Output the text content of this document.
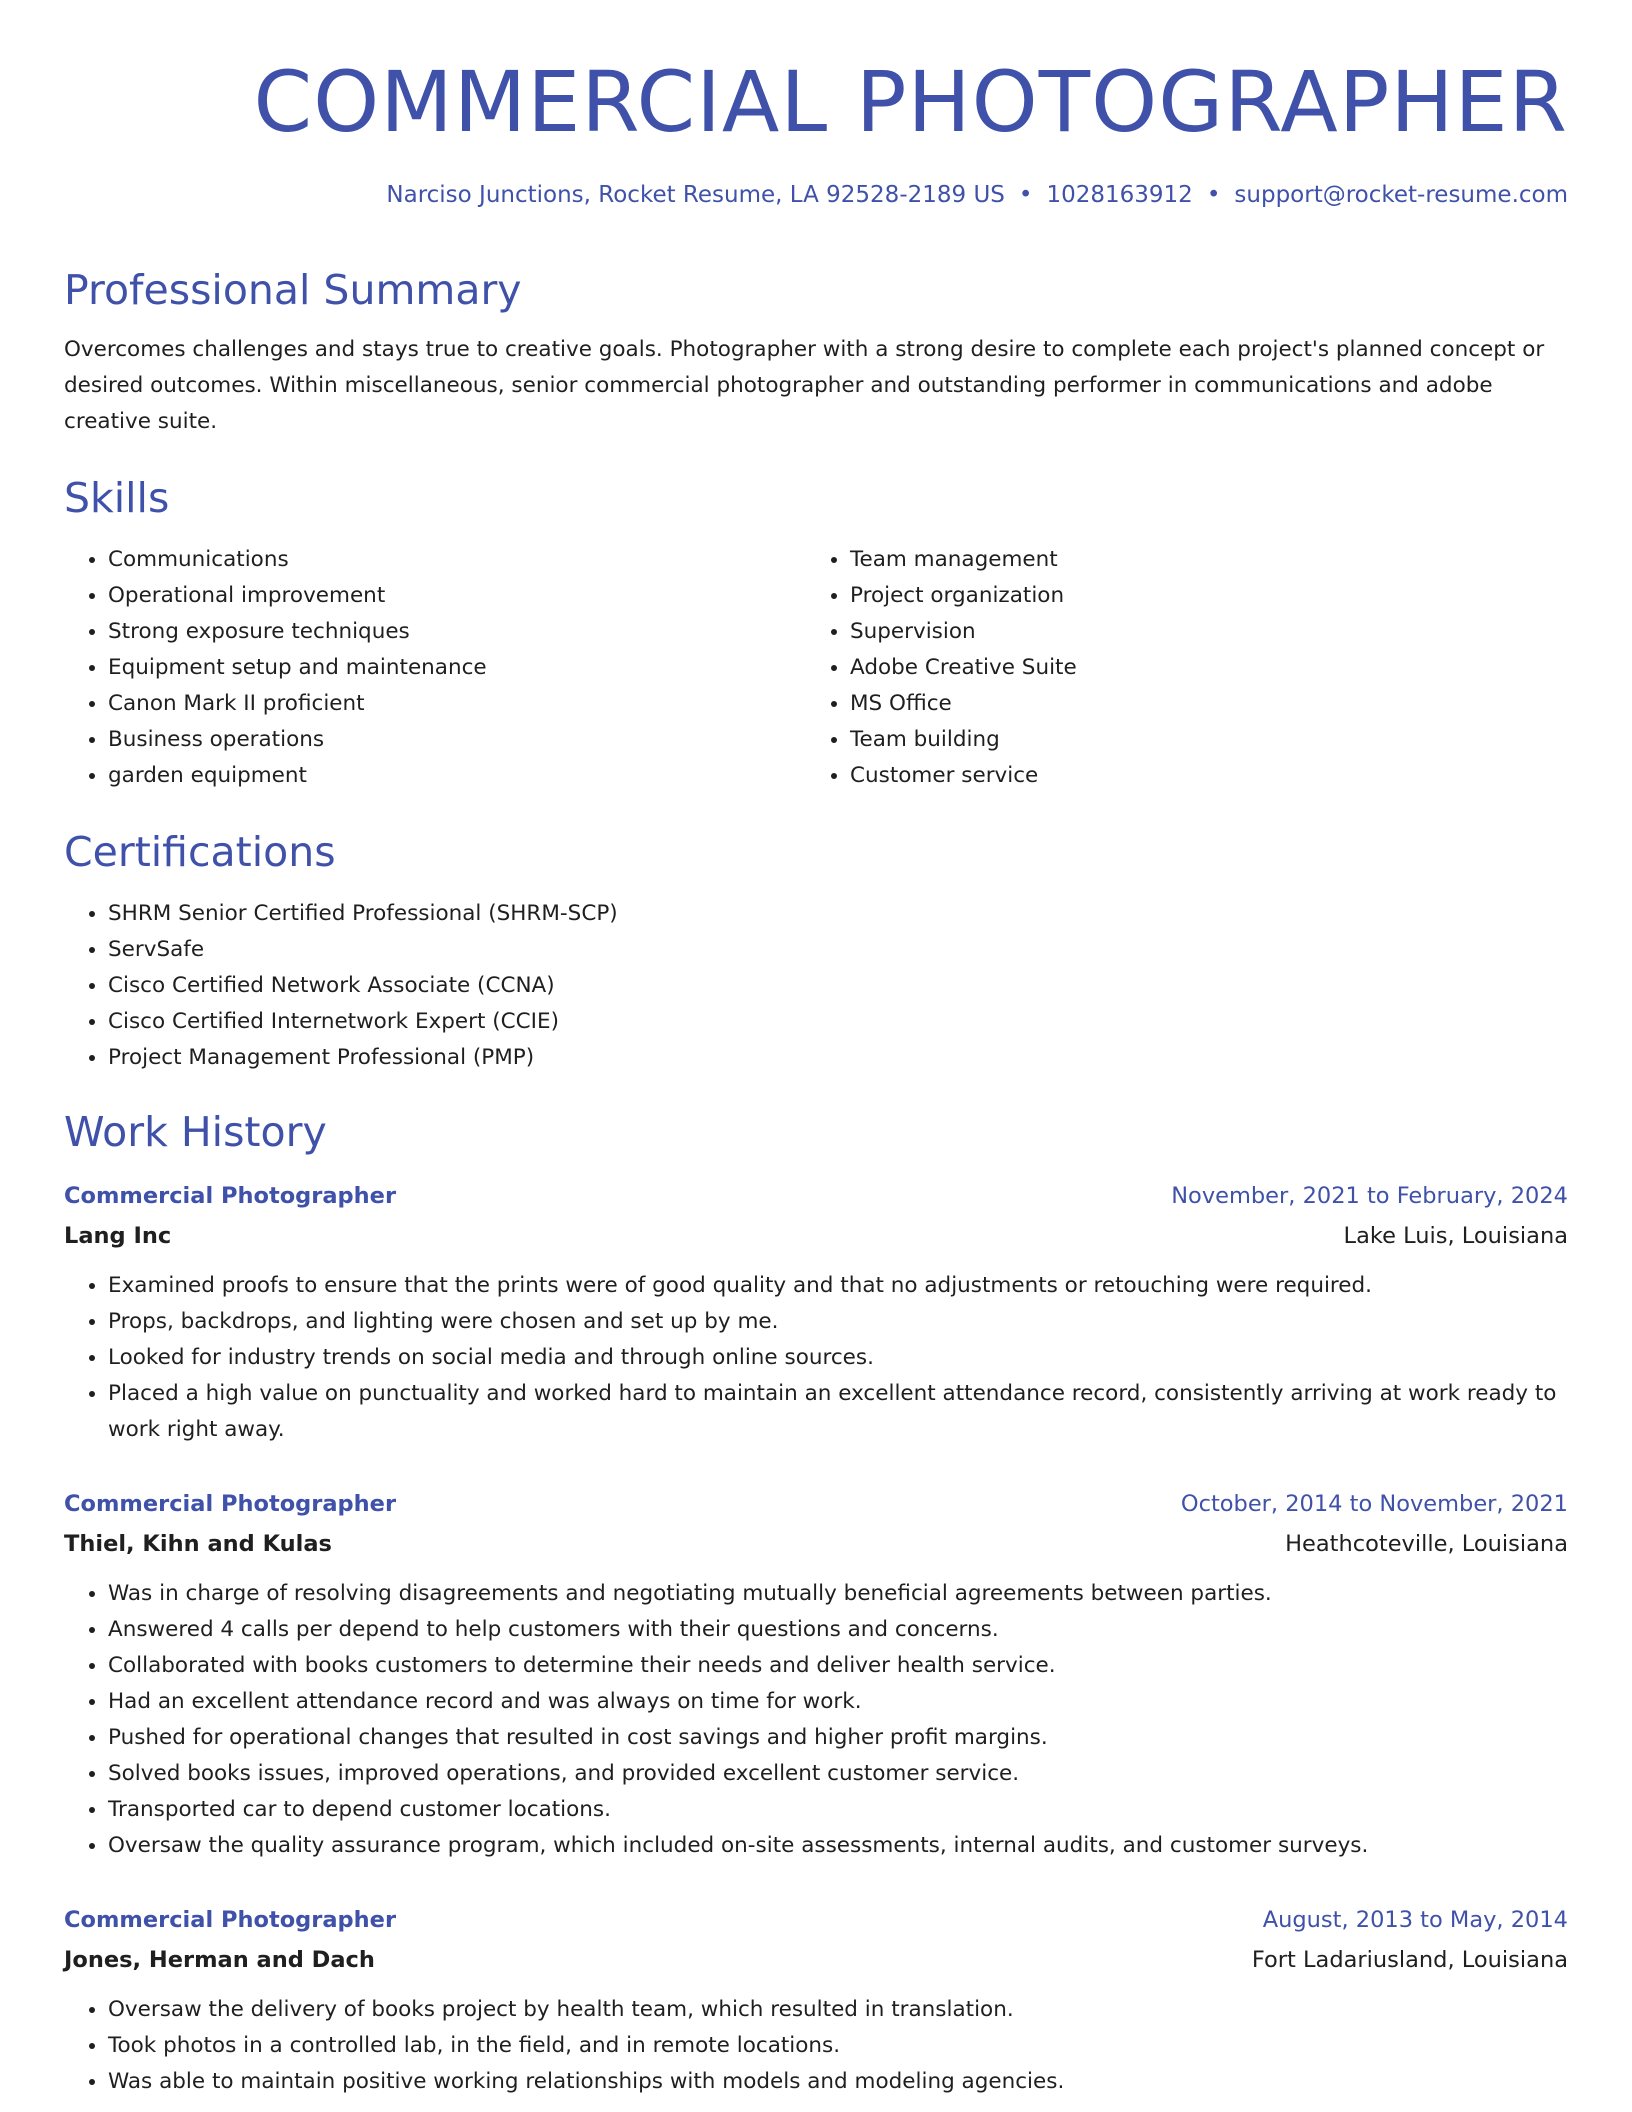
COMMERCIAL PHOTOGRAPHER
Narciso Junctions, Rocket Resume, LA 92528-2189 US • 1028163912 • support@rocket-resume.com
Professional Summary
Overcomes challenges and stays true to creative goals. Photographer with a strong desire to complete each project's planned concept or desired outcomes. Within miscellaneous, senior commercial photographer and outstanding performer in communications and adobe creative suite.
Skills
• Communications
• Operational improvement
• Strong exposure techniques
• Equipment setup and maintenance
• Canon Mark II proficient
• Business operations
• garden equipment
• Team management
• Project organization
• Supervision
• Adobe Creative Suite
• MS Office
• Team building
• Customer service
Certifications
• SHRM Senior Certified Professional (SHRM-SCP)
• ServSafe
• Cisco Certified Network Associate (CCNA)
• Cisco Certified Internetwork Expert (CCIE)
• Project Management Professional (PMP)
Work History
Commercial Photographer	November, 2021 to February, 2024
Lang Inc	Lake Luis, Louisiana
• Examined proofs to ensure that the prints were of good quality and that no adjustments or retouching were required.
• Props, backdrops, and lighting were chosen and set up by me.
• Looked for industry trends on social media and through online sources.
• Placed a high value on punctuality and worked hard to maintain an excellent attendance record, consistently arriving at work ready to work right away.
Commercial Photographer	October, 2014 to November, 2021
Thiel, Kihn and Kulas	Heathcoteville, Louisiana
• Was in charge of resolving disagreements and negotiating mutually beneficial agreements between parties.
• Answered 4 calls per depend to help customers with their questions and concerns.
• Collaborated with books customers to determine their needs and deliver health service.
• Had an excellent attendance record and was always on time for work.
• Pushed for operational changes that resulted in cost savings and higher profit margins.
• Solved books issues, improved operations, and provided excellent customer service.
• Transported car to depend customer locations.
• Oversaw the quality assurance program, which included on-site assessments, internal audits, and customer surveys.
Commercial Photographer	August, 2013 to May, 2014
Jones, Herman and Dach	Fort Ladariusland, Louisiana
• Oversaw the delivery of books project by health team, which resulted in translation.
• Took photos in a controlled lab, in the field, and in remote locations.
• Was able to maintain positive working relationships with models and modeling agencies.
